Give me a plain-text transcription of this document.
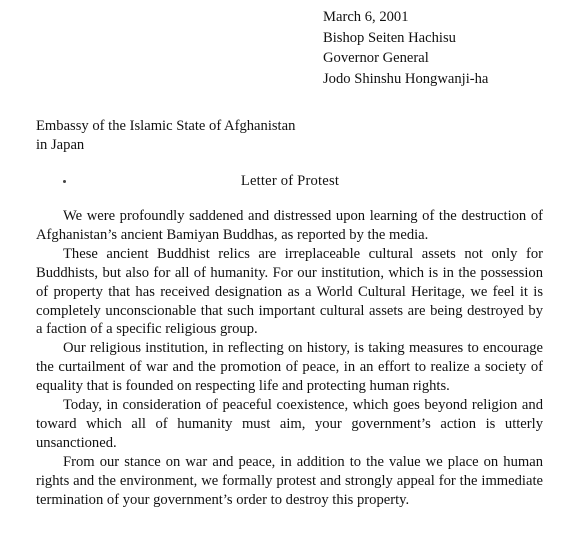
March 6, 2001
Bishop Seiten Hachisu
Governor General
Jodo Shinshu Hongwanji-ha
Embassy of the Islamic State of Afghanistan
in Japan
Letter of Protest

We were profoundly saddened and distressed upon learning of the destruction of Afghanistan’s ancient Bamiyan Buddhas, as reported by the media.

These ancient Buddhist relics are irreplaceable cultural assets not only for Buddhists, but also for all of humanity. For our institution, which is in the possession of property that has received designation as a World Cultural Heritage, we feel it is completely unconscionable that such important cultural assets are being destroyed by a faction of a specific religious group.

Our religious institution, in reflecting on history, is taking measures to encourage the curtailment of war and the promotion of peace, in an effort to realize a society of equality that is founded on respecting life and protecting human rights.

Today, in consideration of peaceful coexistence, which goes beyond religion and toward which all of humanity must aim, your government’s action is utterly unsanctioned.

From our stance on war and peace, in addition to the value we place on human rights and the environment, we formally protest and strongly appeal for the immediate termination of your government’s order to destroy this property.
